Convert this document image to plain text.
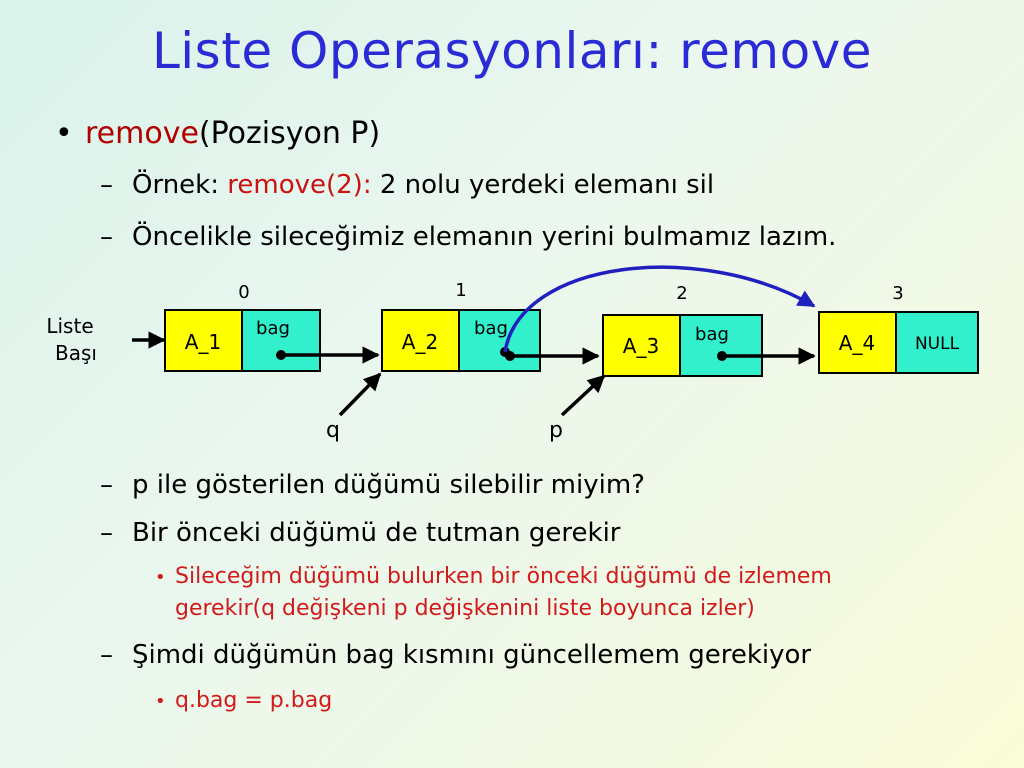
Liste Operasyonları: remove
• remove(Pozisyon P)
– Örnek: remove(2): 2 nolu yerdeki elemanı sil
– Öncelikle sileceğimiz elemanın yerini bulmamız lazım.
Liste
Başı
0
A_1
bag
1
A_2
bag
2
A_3 bag
3
A_4 NULL
q	p
– p ile gösterilen düğümü silebilir miyim?
– Bir önceki düğümü de tutman gerekir
• Sileceğim düğümü bulurken bir önceki düğümü de izlemem
gerekir(q değişkeni p değişkenini liste boyunca izler)
– Şimdi düğümün bag kısmını güncellemem gerekiyor
• q.bag = p.bag
